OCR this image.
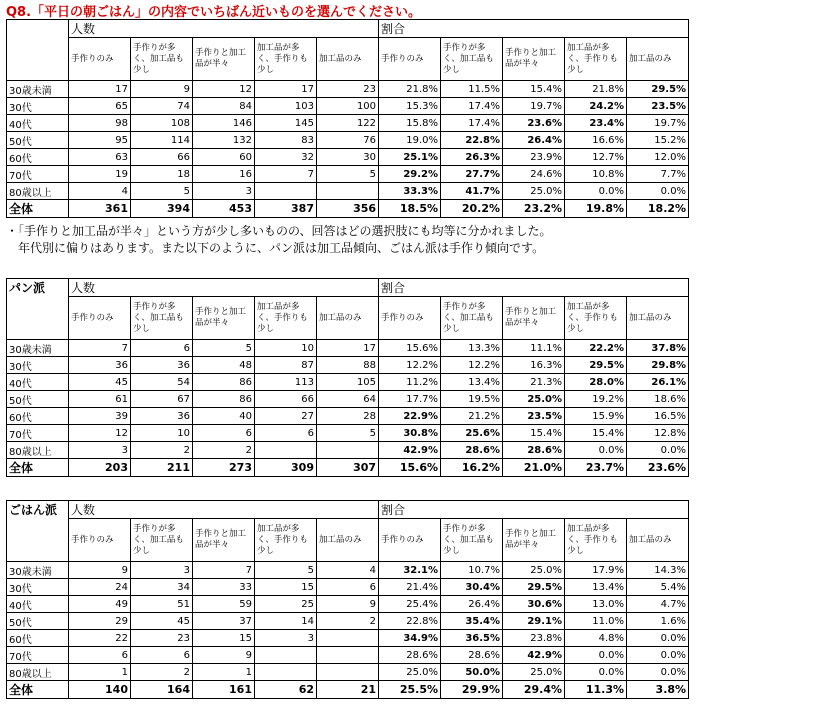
Q8.「平日の朝ごはん」の内容でいちばん近いものを選んでください。
	人数					割合				
	手作りのみ	手作りが多く、加工品も少し	手作りと加工品が半々	加工品が多く、手作りも少し	加工品のみ	手作りのみ	手作りが多く、加工品も少し	手作りと加工品が半々	加工品が多く、手作りも少し	加工品のみ
30歳未満	17	9	12	17	23	21.8%	11.5%	15.4%	21.8%	29.5%
30代	65	74	84	103	100	15.3%	17.4%	19.7%	24.2%	23.5%
40代	98	108	146	145	122	15.8%	17.4%	23.6%	23.4%	19.7%
50代	95	114	132	83	76	19.0%	22.8%	26.4%	16.6%	15.2%
60代	63	66	60	32	30	25.1%	26.3%	23.9%	12.7%	12.0%
70代	19	18	16	7	5	29.2%	27.7%	24.6%	10.8%	7.7%
80歳以上	4	5	3			33.3%	41.7%	25.0%	0.0%	0.0%
全体	361	394	453	387	356	18.5%	20.2%	23.2%	19.8%	18.2%
パン派	人数					割合				
	手作りのみ	手作りが多く、加工品も少し	手作りと加工品が半々	加工品が多く、手作りも少し	加工品のみ	手作りのみ	手作りが多く、加工品も少し	手作りと加工品が半々	加工品が多く、手作りも少し	加工品のみ
30歳未満	7	6	5	10	17	15.6%	13.3%	11.1%	22.2%	37.8%
30代	36	36	48	87	88	12.2%	12.2%	16.3%	29.5%	29.8%
40代	45	54	86	113	105	11.2%	13.4%	21.3%	28.0%	26.1%
50代	61	67	86	66	64	17.7%	19.5%	25.0%	19.2%	18.6%
60代	39	36	40	27	28	22.9%	21.2%	23.5%	15.9%	16.5%
70代	12	10	6	6	5	30.8%	25.6%	15.4%	15.4%	12.8%
80歳以上	3	2	2			42.9%	28.6%	28.6%	0.0%	0.0%
全体	203	211	273	309	307	15.6%	16.2%	21.0%	23.7%	23.6%
ごはん派	人数					割合				
	手作りのみ	手作りが多く、加工品も少し	手作りと加工品が半々	加工品が多く、手作りも少し	加工品のみ	手作りのみ	手作りが多く、加工品も少し	手作りと加工品が半々	加工品が多く、手作りも少し	加工品のみ
30歳未満	9	3	7	5	4	32.1%	10.7%	25.0%	17.9%	14.3%
30代	24	34	33	15	6	21.4%	30.4%	29.5%	13.4%	5.4%
40代	49	51	59	25	9	25.4%	26.4%	30.6%	13.0%	4.7%
50代	29	45	37	14	2	22.8%	35.4%	29.1%	11.0%	1.6%
60代	22	23	15	3		34.9%	36.5%	23.8%	4.8%	0.0%
70代	6	6	9			28.6%	28.6%	42.9%	0.0%	0.0%
80歳以上	1	2	1			25.0%	50.0%	25.0%	0.0%	0.0%
全体	140	164	161	62	21	25.5%	29.9%	29.4%	11.3%	3.8%
・「手作りと加工品が半々」という方が少し多いものの、回答はどの選択肢にも均等に分かれました。
　年代別に偏りはあります。また以下のように、パン派は加工品傾向、ごはん派は手作り傾向です。
